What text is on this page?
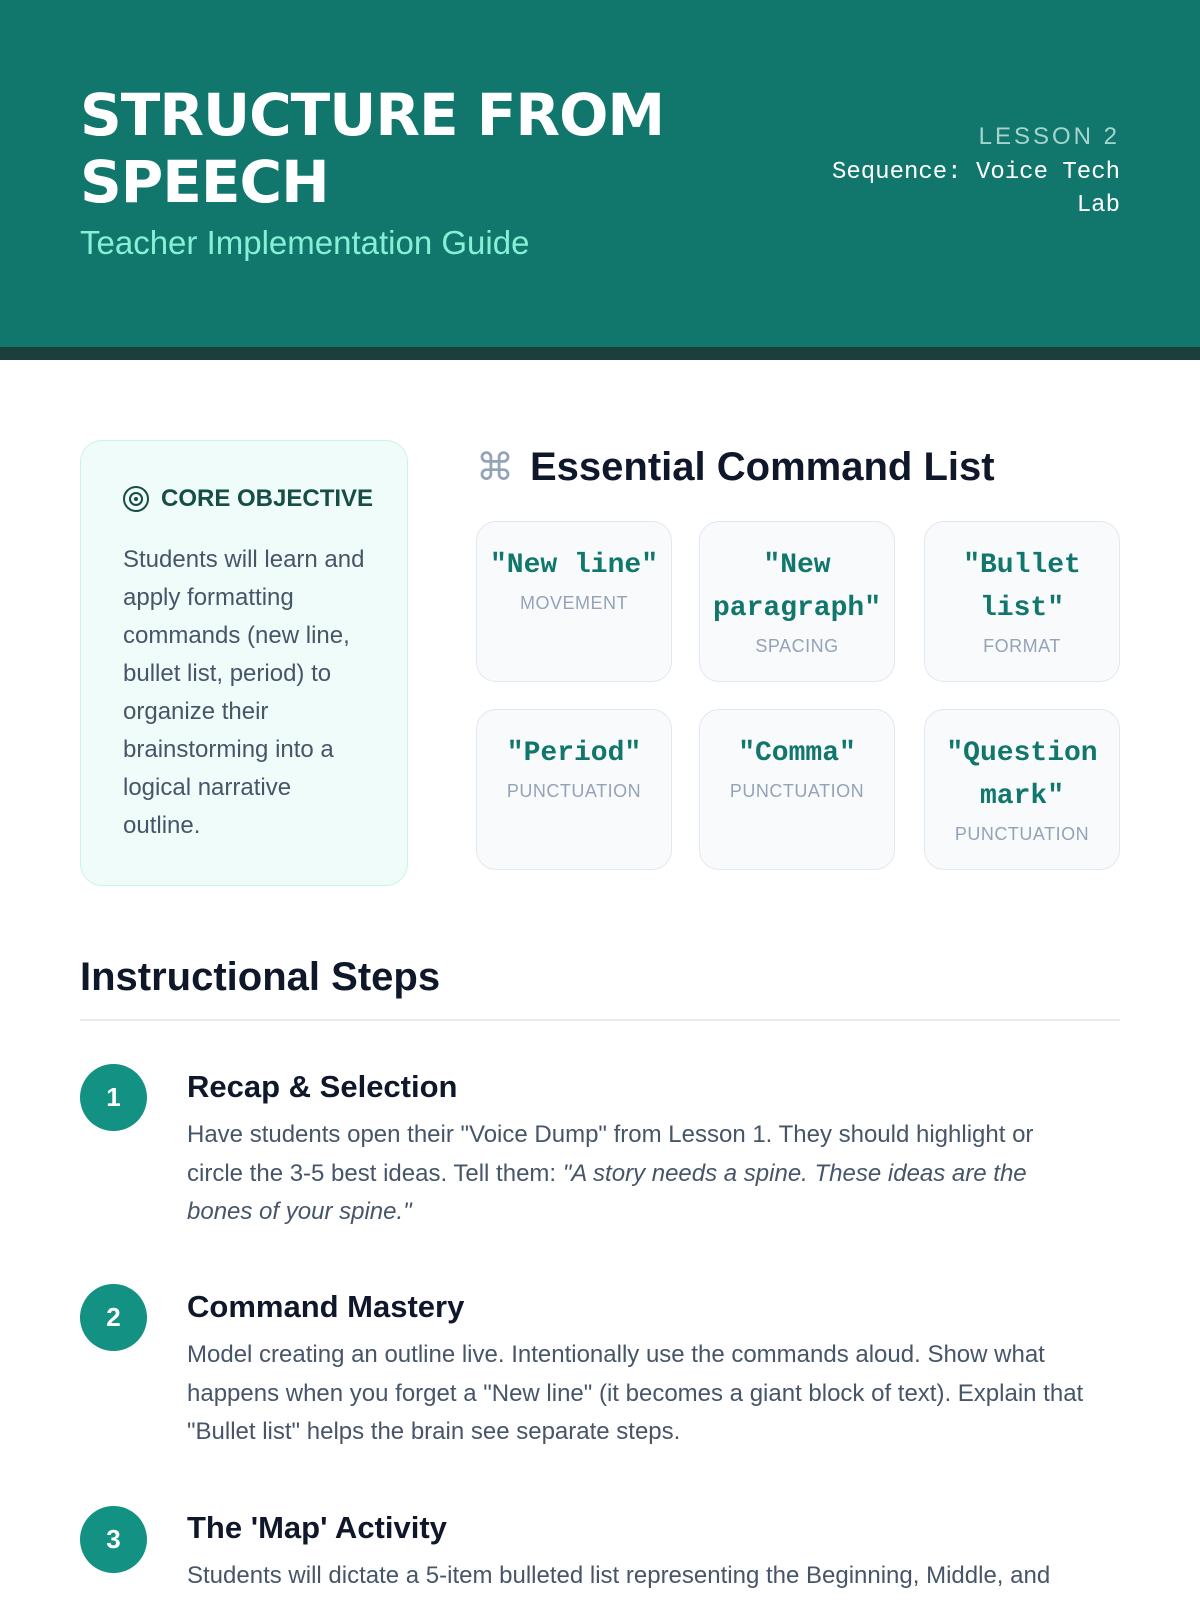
STRUCTURE FROM SPEECH
Teacher Implementation Guide
LESSON 2
Sequence: Voice Tech Lab
CORE OBJECTIVE

Students will learn and apply formatting commands (new line, bullet list, period) to organize their brainstorming into a logical narrative outline.

⌘ Essential Command List
"New line"
MOVEMENT
"New paragraph"
SPACING
"Bullet list"
FORMAT
"Period"
PUNCTUATION
"Comma"
PUNCTUATION
"Question mark"
PUNCTUATION
Instructional Steps
1	Recap & Selection

Have students open their "Voice Dump" from Lesson 1. They should highlight or circle the 3-5 best ideas. Tell them: "A story needs a spine. These ideas are the bones of your spine."

2	Command Mastery

Model creating an outline live. Intentionally use the commands aloud. Show what happens when you forget a "New line" (it becomes a giant block of text). Explain that "Bullet list" helps the brain see separate steps.

3	The 'Map' Activity

Students will dictate a 5-item bulleted list representing the Beginning, Middle, and
